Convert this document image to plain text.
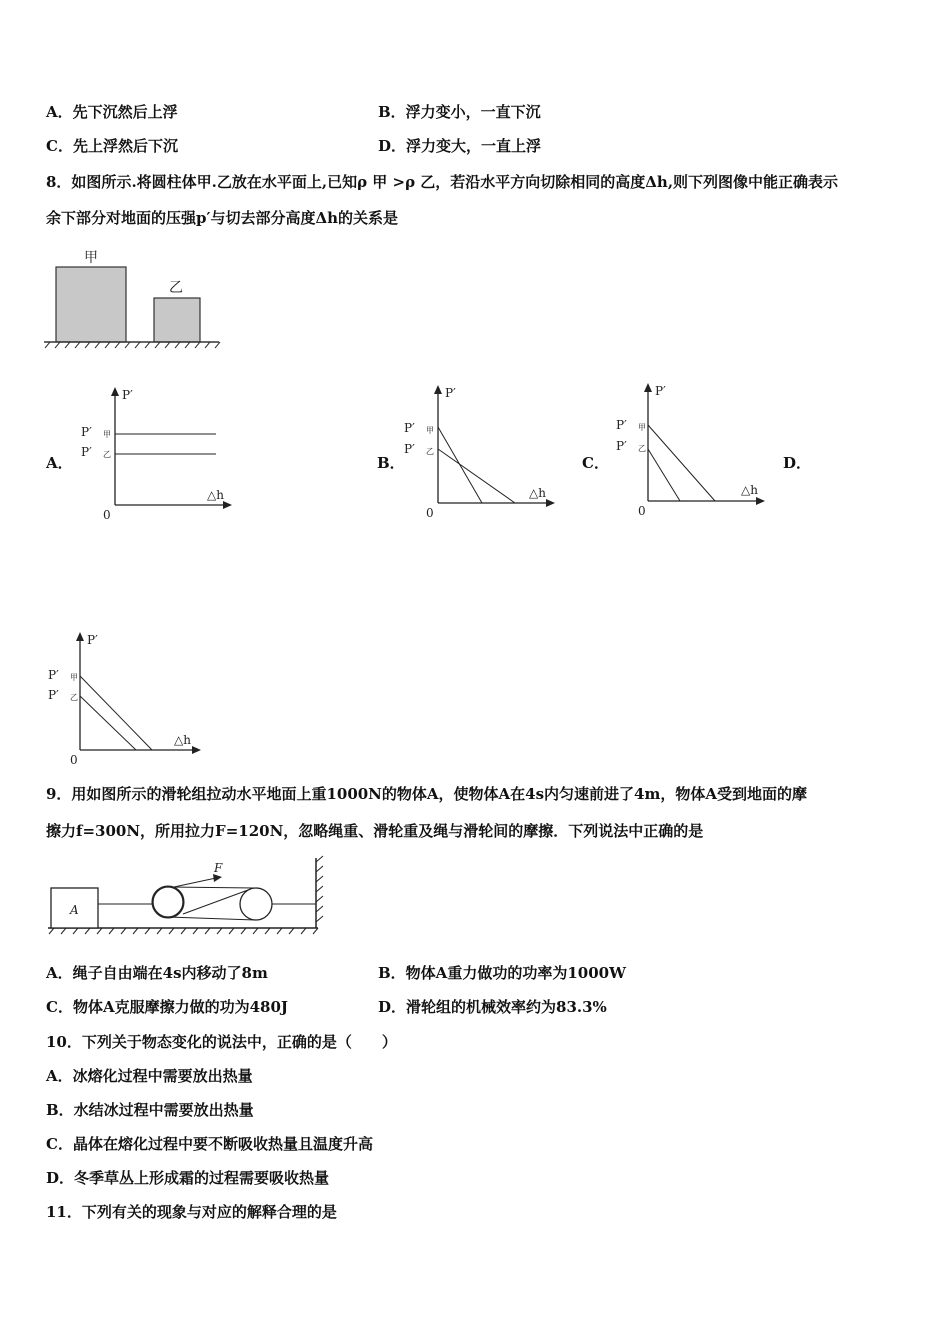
A．先下沉然后上浮	B．浮力变小，一直下沉
C．先上浮然后下沉	D．浮力变大，一直上浮
8．如图所示.将圆柱体甲.乙放在水平面上,已知ρ 甲 >ρ 乙，若沿水平方向切除相同的高度Δh,则下列图像中能正确表示
余下部分对地面的压强p′与切去部分高度Δh的关系是
甲
乙
A．	B．	C．	D．
P′
△h
0
P′ 甲
P′ 乙
P′
△h
0
P′ 甲
P′ 乙
P′
△h
0
P′ 甲
P′ 乙
P′
△h
0
P′ 甲
P′ 乙
9．用如图所示的滑轮组拉动水平地面上重1000N的物体A，使物体A在4s内匀速前进了4m，物体A受到地面的摩
擦力f=300N，所用拉力F=120N，忽略绳重、滑轮重及绳与滑轮间的摩擦．下列说法中正确的是
A
F
A．绳子自由端在4s内移动了8m	B．物体A重力做功的功率为1000W
C．物体A克服摩擦力做的功为480J	D．滑轮组的机械效率约为83.3%
10．下列关于物态变化的说法中，正确的是（　　）
A．冰熔化过程中需要放出热量
B．水结冰过程中需要放出热量
C．晶体在熔化过程中要不断吸收热量且温度升高
D．冬季草丛上形成霜的过程需要吸收热量
11．下列有关的现象与对应的解释合理的是
